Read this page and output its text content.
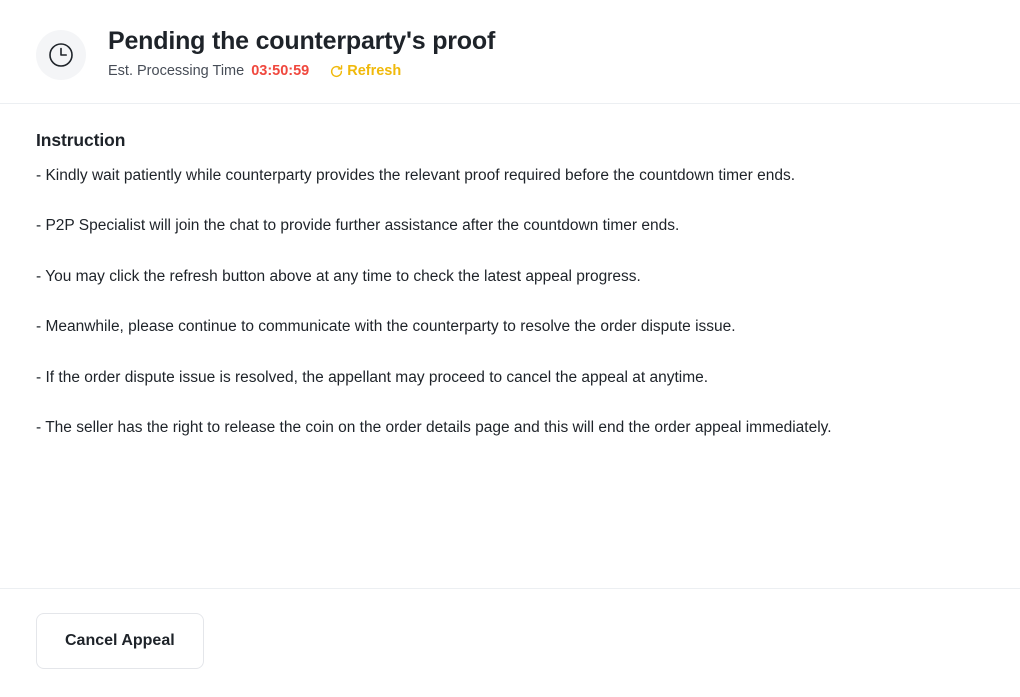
Pending the counterparty's proof
Est. Processing Time 03:50:59	Refresh
Instruction

- Kindly wait patiently while counterparty provides the relevant proof required before the countdown timer ends.

- P2P Specialist will join the chat to provide further assistance after the countdown timer ends.

- You may click the refresh button above at any time to check the latest appeal progress.

- Meanwhile, please continue to communicate with the counterparty to resolve the order dispute issue.

- If the order dispute issue is resolved, the appellant may proceed to cancel the appeal at anytime.

- The seller has the right to release the coin on the order details page and this will end the order appeal immediately.

Cancel Appeal
